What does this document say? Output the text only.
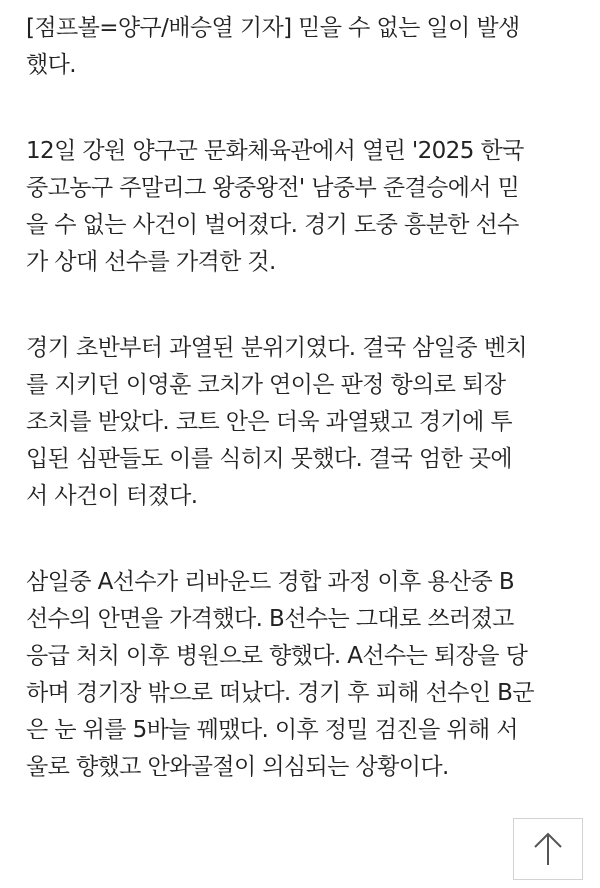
[점프볼=양구/배승열 기자] 믿을 수 없는 일이 발생
했다.

12일 강원 양구군 문화체육관에서 열린 '2025 한국
중고농구 주말리그 왕중왕전' 남중부 준결승에서 믿
을 수 없는 사건이 벌어졌다. 경기 도중 흥분한 선수
가 상대 선수를 가격한 것.

경기 초반부터 과열된 분위기였다. 결국 삼일중 벤치
를 지키던 이영훈 코치가 연이은 판정 항의로 퇴장
조치를 받았다. 코트 안은 더욱 과열됐고 경기에 투
입된 심판들도 이를 식히지 못했다. 결국 엄한 곳에
서 사건이 터졌다.

삼일중 A선수가 리바운드 경합 과정 이후 용산중 B
선수의 안면을 가격했다. B선수는 그대로 쓰러졌고
응급 처치 이후 병원으로 향했다. A선수는 퇴장을 당
하며 경기장 밖으로 떠났다. 경기 후 피해 선수인 B군
은 눈 위를 5바늘 꿰맸다. 이후 정밀 검진을 위해 서
울로 향했고 안와골절이 의심되는 상황이다.
